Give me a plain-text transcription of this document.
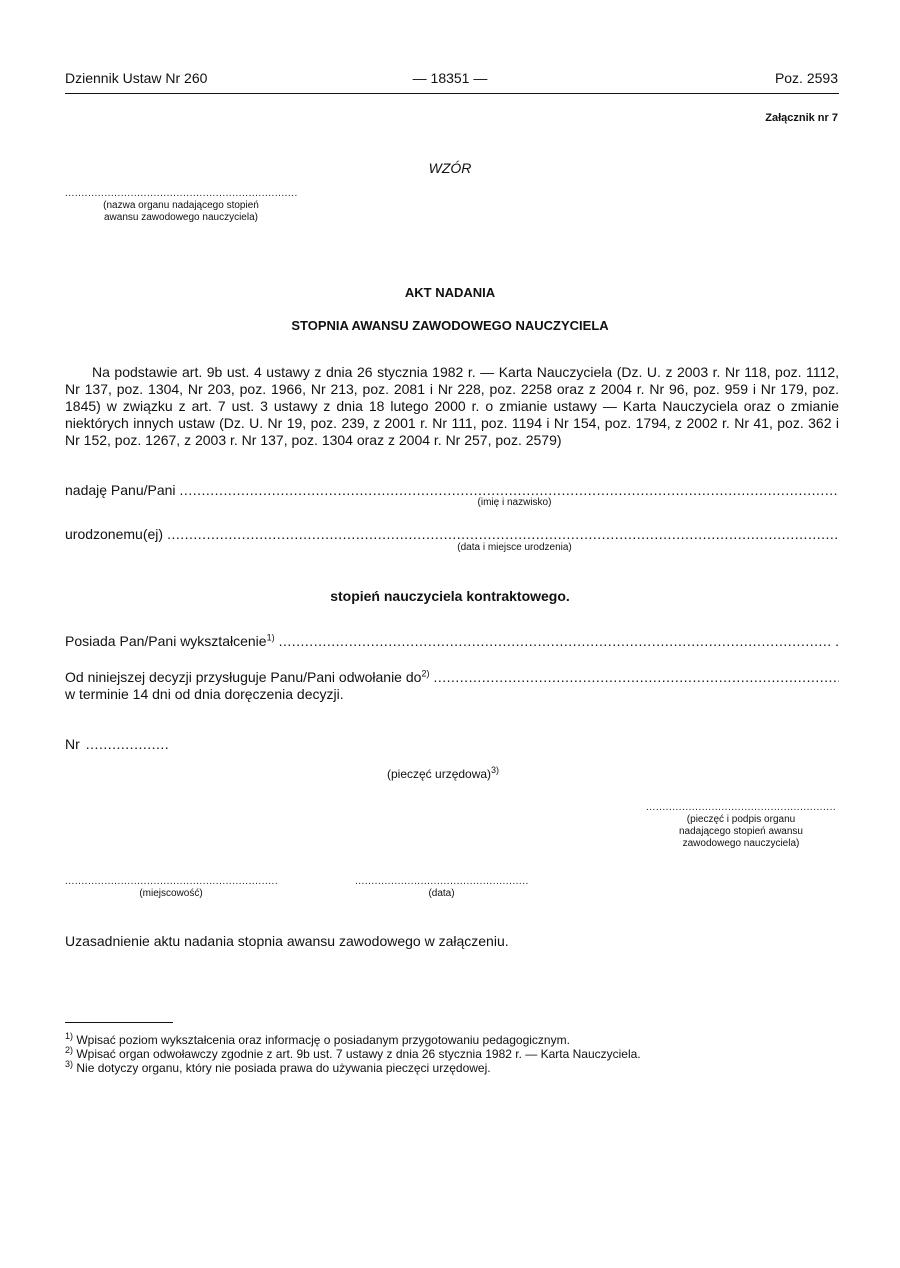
Dziennik Ustaw Nr 260	— 18351 —	Poz. 2593
Załącznik nr 7
WZÓR
.....
(nazwa organu nadającego stopień
awansu zawodowego nauczyciela)
AKT NADANIA
STOPNIA AWANSU ZAWODOWEGO NAUCZYCIELA
Na podstawie art. 9b ust. 4 ustawy z dnia 26 stycznia 1982 r. — Karta Nauczyciela (Dz. U. z 2003 r. Nr 118, poz. 1112, Nr 137, poz. 1304, Nr 203, poz. 1966, Nr 213, poz. 2081 i Nr 228, poz. 2258 oraz z 2004 r. Nr 96, poz. 959 i Nr 179, poz. 1845) w związku z art. 7 ust. 3 ustawy z dnia 18 lutego 2000 r. o zmianie ustawy — Karta Nauczyciela oraz o zmianie niektórych innych ustaw (Dz. U. Nr 19, poz. 239, z 2001 r. Nr 111, poz. 1194 i Nr 154, poz. 1794, z 2002 r. Nr 41, poz. 362 i Nr 152, poz. 1267, z 2003 r. Nr 137, poz. 1304 oraz z 2004 r. Nr 257, poz. 2579)
nadaję Panu/Pani
.....
(imię i nazwisko)
urodzonemu(ej)
.....
(data i miejsce urodzenia)
stopień nauczyciela kontraktowego.
Posiada Pan/Pani wykształcenie$^{1)}$
.....	.
Od niniejszej decyzji przysługuje Panu/Pani odwołanie $do^{2)}$
.....
w terminie 14 dni od dnia doręczenia decyzji.
Nr
.....
(pieczęć urzędowa)$^{3)}$
.....
(pieczęć i podpis organu
nadającego stopień awansu
zawodowego nauczyciela)
.....
(miejscowość)
.....	(data)
Uzasadnienie aktu nadania stopnia awansu zawodowego w załączeniu.
$^{1)}$ Wpisać poziom wykształcenia oraz informację o posiadanym przygotowaniu pedagogicznym.
$^{2)}$ Wpisać organ odwoławczy zgodnie z art. 9b ust. 7 ustawy z dnia 26 stycznia 1982 r. — Karta Nauczyciela.
$^{3)}$ Nie dotyczy organu, który nie posiada prawa do używania pieczęci urzędowej.
